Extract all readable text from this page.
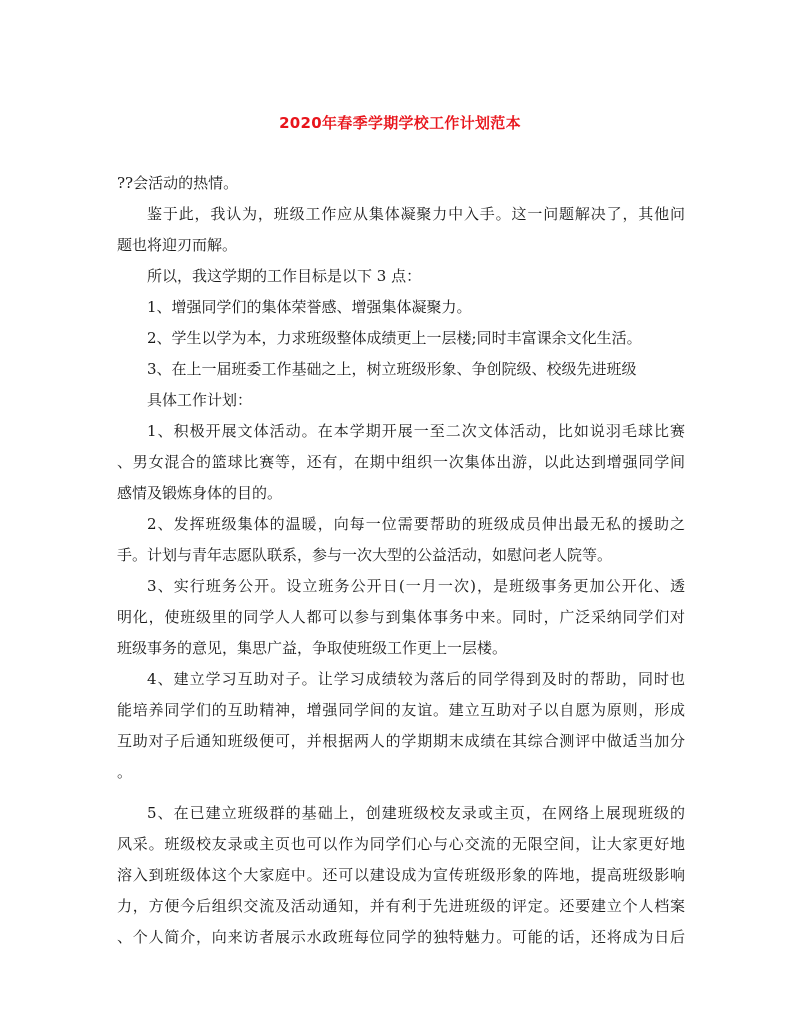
2020年春季学期学校工作计划范本
??会活动的热情。
鉴于此，我认为，班级工作应从集体凝聚力中入手。这一问题解决了，其他问
题也将迎刃而解。
所以，我这学期的工作目标是以下 3 点：
1、增强同学们的集体荣誉感、增强集体凝聚力。
2、学生以学为本，力求班级整体成绩更上一层楼;同时丰富课余文化生活。
3、在上一届班委工作基础之上，树立班级形象、争创院级、校级先进班级
具体工作计划：
1、积极开展文体活动。在本学期开展一至二次文体活动，比如说羽毛球比赛
、男女混合的篮球比赛等，还有，在期中组织一次集体出游，以此达到增强同学间
感情及锻炼身体的目的。
2、发挥班级集体的温暖，向每一位需要帮助的班级成员伸出最无私的援助之
手。计划与青年志愿队联系，参与一次大型的公益活动，如慰问老人院等。
3、实行班务公开。设立班务公开日(一月一次)，是班级事务更加公开化、透
明化，使班级里的同学人人都可以参与到集体事务中来。同时，广泛采纳同学们对
班级事务的意见，集思广益，争取使班级工作更上一层楼。
4、建立学习互助对子。让学习成绩较为落后的同学得到及时的帮助，同时也
能培养同学们的互助精神，增强同学间的友谊。建立互助对子以自愿为原则，形成
互助对子后通知班级便可，并根据两人的学期期末成绩在其综合测评中做适当加分
。
5、在已建立班级群的基础上，创建班级校友录或主页，在网络上展现班级的
风采。班级校友录或主页也可以作为同学们心与心交流的无限空间，让大家更好地
溶入到班级体这个大家庭中。还可以建设成为宣传班级形象的阵地，提高班级影响
力，方便今后组织交流及活动通知，并有利于先进班级的评定。还要建立个人档案
、个人简介，向来访者展示水政班每位同学的独特魅力。可能的话，还将成为日后
